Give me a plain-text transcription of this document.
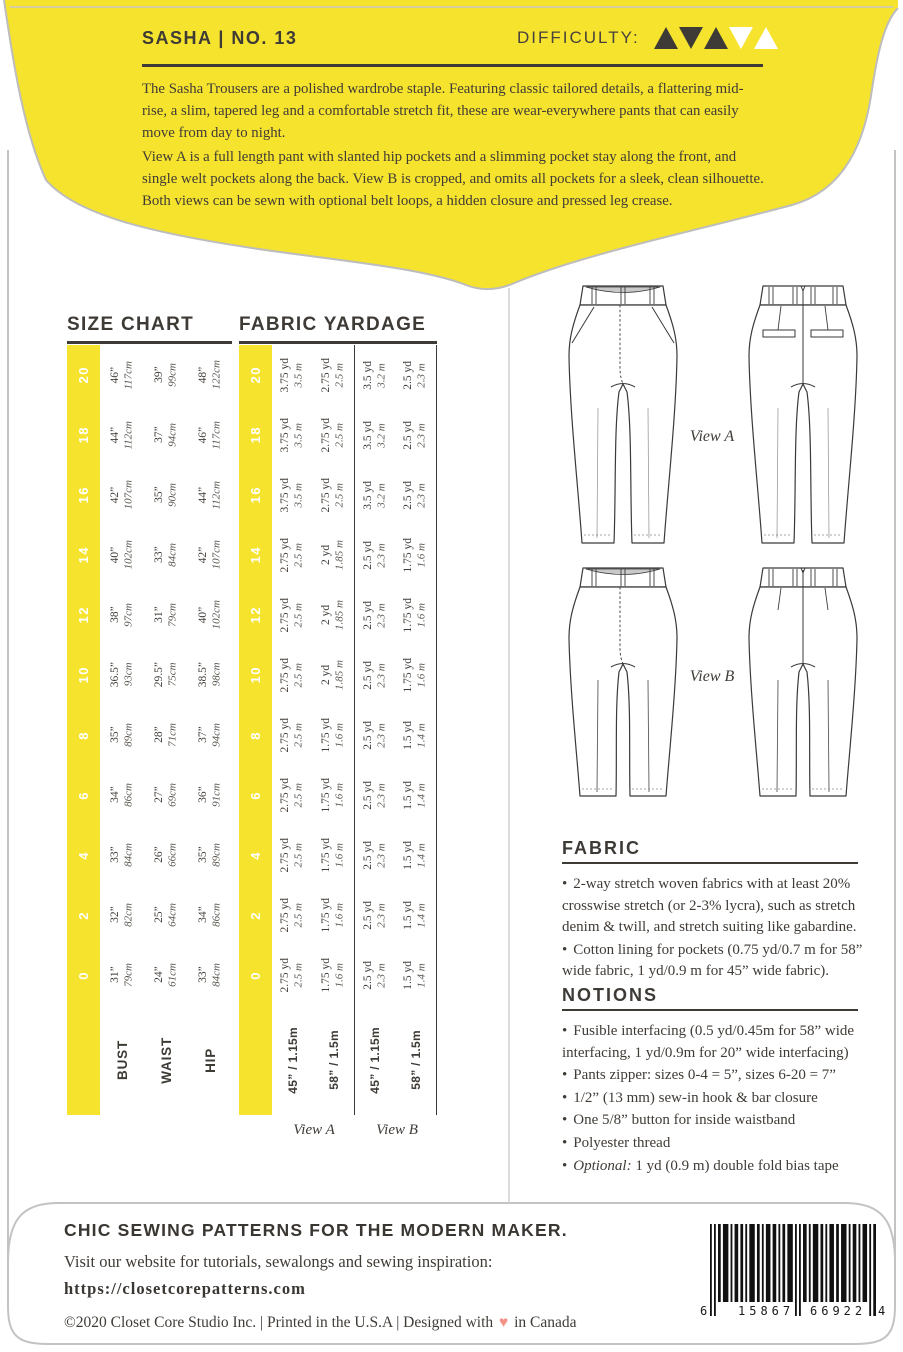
SASHA | NO. 13	DIFFICULTY:
The Sasha Trousers are a polished wardrobe staple. Featuring classic tailored details, a flattering mid-rise, a slim, tapered leg and a comfortable stretch fit, these are wear-everywhere pants that can easily move from day to night.
View A is a full length pant with slanted hip pockets and a slimming pocket stay along the front, and single welt pockets along the back. View B is cropped, and omits all pockets for a sleek, clean silhouette. Both views can be sewn with optional belt loops, a hidden closure and pressed leg crease.
SIZE CHART FABRIC YARDAGE
20 46” 117cm 39” 99cm 48” 122cm
18 44” 112cm 37” 94cm 46” 117cm
16 42” 107cm 35” 90cm 44” 112cm
14 40” 102cm 33” 84cm 42” 107cm
12 38” 97cm 31” 79cm 40” 102cm
10 36.5” 93cm 29.5” 75cm 38.5” 98cm
8 35” 89cm 28” 71cm 37” 94cm
6 34” 86cm 27” 69cm 36” 91cm
4 33” 84cm 26” 66cm 35” 89cm
2 32” 82cm 25” 64cm 34” 86cm
0 31” 79cm 24” 61cm 33” 84cm
BUST WAIST HIP
20 3.75 yd 3.5 m 2.75 yd 2.5 m 3.5 yd 3.2 m 2.5 yd 2.3 m
18 3.75 yd 3.5 m 2.75 yd 2.5 m 3.5 yd 3.2 m 2.5 yd 2.3 m
16 3.75 yd 3.5 m 2.75 yd 2.5 m 3.5 yd 3.2 m 2.5 yd 2.3 m
14 2.75 yd 2.5 m 2 yd 1.85 m 2.5 yd 2.3 m 1.75 yd 1.6 m
12 2.75 yd 2.5 m 2 yd 1.85 m 2.5 yd 2.3 m 1.75 yd 1.6 m
10 2.75 yd 2.5 m 2 yd 1.85 m 2.5 yd 2.3 m 1.75 yd 1.6 m
8 2.75 yd 2.5 m 1.75 yd 1.6 m 2.5 yd 2.3 m 1.5 yd 1.4 m
6 2.75 yd 2.5 m 1.75 yd 1.6 m 2.5 yd 2.3 m 1.5 yd 1.4 m
4 2.75 yd 2.5 m 1.75 yd 1.6 m 2.5 yd 2.3 m 1.5 yd 1.4 m
2 2.75 yd 2.5 m 1.75 yd 1.6 m 2.5 yd 2.3 m 1.5 yd 1.4 m
0 2.75 yd 2.5 m 1.75 yd 1.6 m 2.5 yd 2.3 m 1.5 yd 1.4 m
45” / 1.15m 58” / 1.5m 45” / 1.15m 58” / 1.5m
View A	View B
View A
View B
FABRIC
• 2-way stretch woven fabrics with at least 20% crosswise stretch (or 2-3% lycra), such as stretch denim & twill, and stretch suiting like gabardine.
• Cotton lining for pockets (0.75 yd/0.7 m for 58” wide fabric, 1 yd/0.9 m for 45” wide fabric).
NOTIONS
• Fusible interfacing (0.5 yd/0.45m for 58” wide interfacing, 1 yd/0.9m for 20” wide interfacing)
• Pants zipper: sizes 0-4 = 5”, sizes 6-20 = 7”
• 1/2” (13 mm) sew-in hook & bar closure
• One 5/8” button for inside waistband
• Polyester thread
• Optional: 1 yd (0.9 m) double fold bias tape
CHIC SEWING PATTERNS FOR THE MODERN MAKER.
Visit our website for tutorials, sewalongs and sewing inspiration:
https://closetcorepatterns.com
©2020 Closet Core Studio Inc. | Printed in the U.S.A | Designed with ♥ in Canada
6	15867 66922 4
